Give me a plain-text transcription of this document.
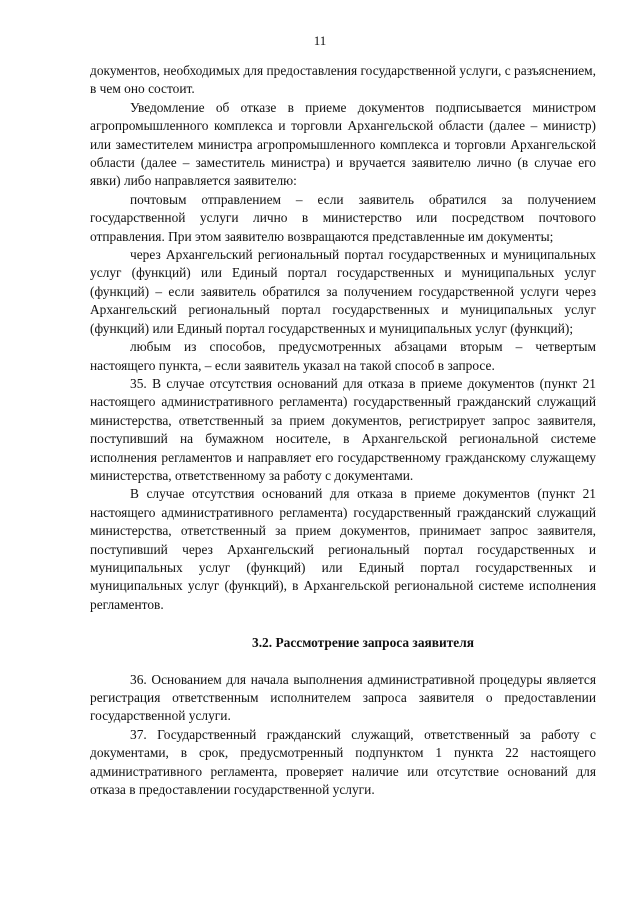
11

документов, необходимых для предоставления государственной услуги, с разъяснением, в чем оно состоит.

Уведомление об отказе в приеме документов подписывается министром агропромышленного комплекса и торговли Архангельской области (далее – министр) или заместителем министра агропромышленного комплекса и торговли Архангельской области (далее – заместитель министра) и вручается заявителю лично (в случае его явки) либо направляется заявителю:

почтовым отправлением – если заявитель обратился за получением государственной услуги лично в министерство или посредством почтового отправления. При этом заявителю возвращаются представленные им документы;

через Архангельский региональный портал государственных и муниципальных услуг (функций) или Единый портал государственных и муниципальных услуг (функций) – если заявитель обратился за получением государственной услуги через Архангельский региональный портал государственных и муниципальных услуг (функций) или Единый портал государственных и муниципальных услуг (функций);

любым из способов, предусмотренных абзацами вторым – четвертым настоящего пункта, – если заявитель указал на такой способ в запросе.

35. В случае отсутствия оснований для отказа в приеме документов (пункт 21 настоящего административного регламента) государственный гражданский служащий министерства, ответственный за прием документов, регистрирует запрос заявителя, поступивший на бумажном носителе, в Архангельской региональной системе исполнения регламентов и направляет его государственному гражданскому служащему министерства, ответственному за работу с документами.

В случае отсутствия оснований для отказа в приеме документов (пункт 21 настоящего административного регламента) государственный гражданский служащий министерства, ответственный за прием документов, принимает запрос заявителя, поступивший через Архангельский региональный портал государственных и муниципальных услуг (функций) или Единый портал государственных и муниципальных услуг (функций), в Архангельской региональной системе исполнения регламентов.

3.2. Рассмотрение запроса заявителя

36. Основанием для начала выполнения административной процедуры является регистрация ответственным исполнителем запроса заявителя о предоставлении государственной услуги.

37. Государственный гражданский служащий, ответственный за работу с документами, в срок, предусмотренный подпунктом 1 пункта 22 настоящего административного регламента, проверяет наличие или отсутствие оснований для отказа в предоставлении государственной услуги.
